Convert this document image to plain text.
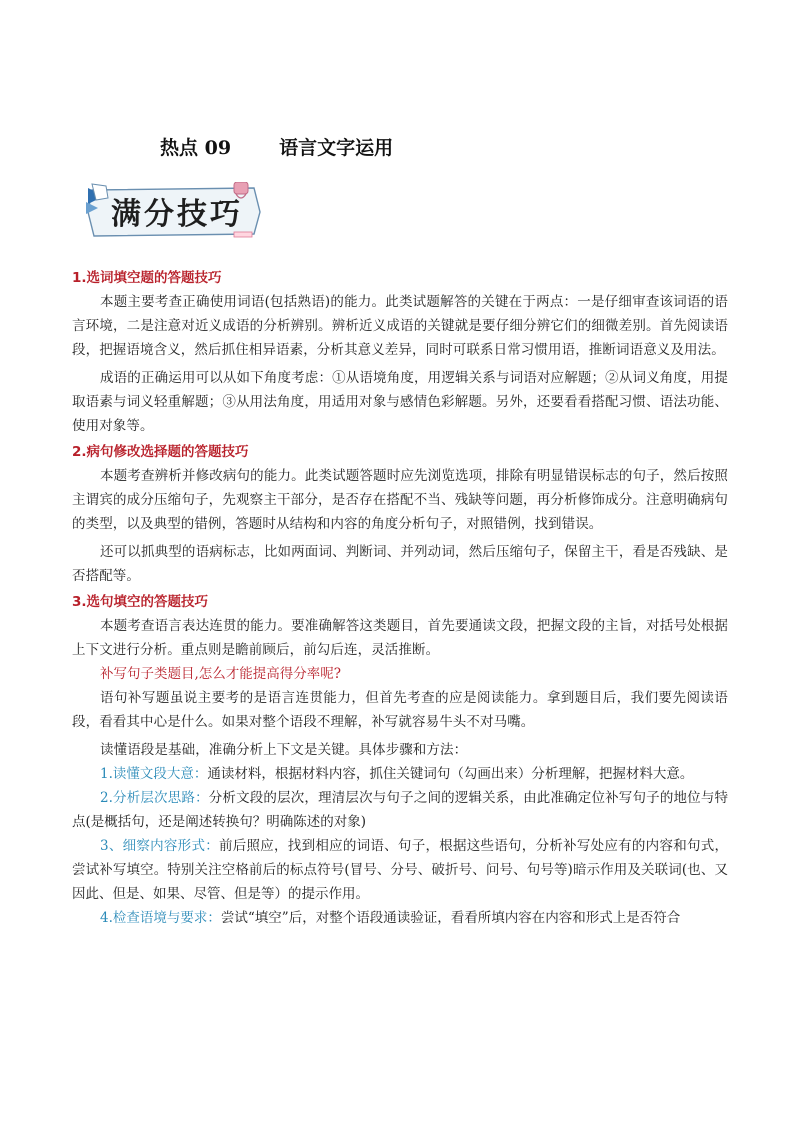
热点 09	语言文字运用
满分技巧

1.选词填空题的答题技巧

本题主要考查正确使用词语(包括熟语)的能力。此类试题解答的关键在于两点：一是仔细审查该词语的语言环境，二是注意对近义成语的分析辨别。辨析近义成语的关键就是要仔细分辨它们的细微差别。首先阅读语段，把握语境含义，然后抓住相异语素，分析其意义差异，同时可联系日常习惯用语，推断词语意义及用法。

成语的正确运用可以从如下角度考虑：①从语境角度，用逻辑关系与词语对应解题；②从词义角度，用提取语素与词义轻重解题；③从用法角度，用适用对象与感情色彩解题。另外，还要看看搭配习惯、语法功能、使用对象等。

2.病句修改选择题的答题技巧

本题考查辨析并修改病句的能力。此类试题答题时应先浏览选项，排除有明显错误标志的句子，然后按照主谓宾的成分压缩句子，先观察主干部分，是否存在搭配不当、残缺等问题，再分析修饰成分。注意明确病句的类型，以及典型的错例，答题时从结构和内容的角度分析句子，对照错例，找到错误。

还可以抓典型的语病标志，比如两面词、判断词、并列动词，然后压缩句子，保留主干，看是否残缺、是否搭配等。

3.选句填空的答题技巧

本题考查语言表达连贯的能力。要准确解答这类题目，首先要通读文段，把握文段的主旨，对括号处根据上下文进行分析。重点则是瞻前顾后，前勾后连，灵活推断。

补写句子类题目,怎么才能提高得分率呢?

语句补写题虽说主要考的是语言连贯能力，但首先考查的应是阅读能力。拿到题目后，我们要先阅读语段，看看其中心是什么。如果对整个语段不理解，补写就容易牛头不对马嘴。

读懂语段是基础，准确分析上下文是关键。具体步骤和方法：

1.读懂文段大意：通读材料，根据材料内容，抓住关键词句（勾画出来）分析理解，把握材料大意。

2.分析层次思路：分析文段的层次，理清层次与句子之间的逻辑关系，由此准确定位补写句子的地位与特点(是概括句，还是阐述转换句？明确陈述的对象)

3、细察内容形式：前后照应，找到相应的词语、句子，根据这些语句，分析补写处应有的内容和句式，尝试补写填空。特别关注空格前后的标点符号(冒号、分号、破折号、问号、句号等)暗示作用及关联词(也、又因此、但是、如果、尽管、但是等）的提示作用。

4.检查语境与要求：尝试“填空”后，对整个语段通读验证，看看所填内容在内容和形式上是否符合
